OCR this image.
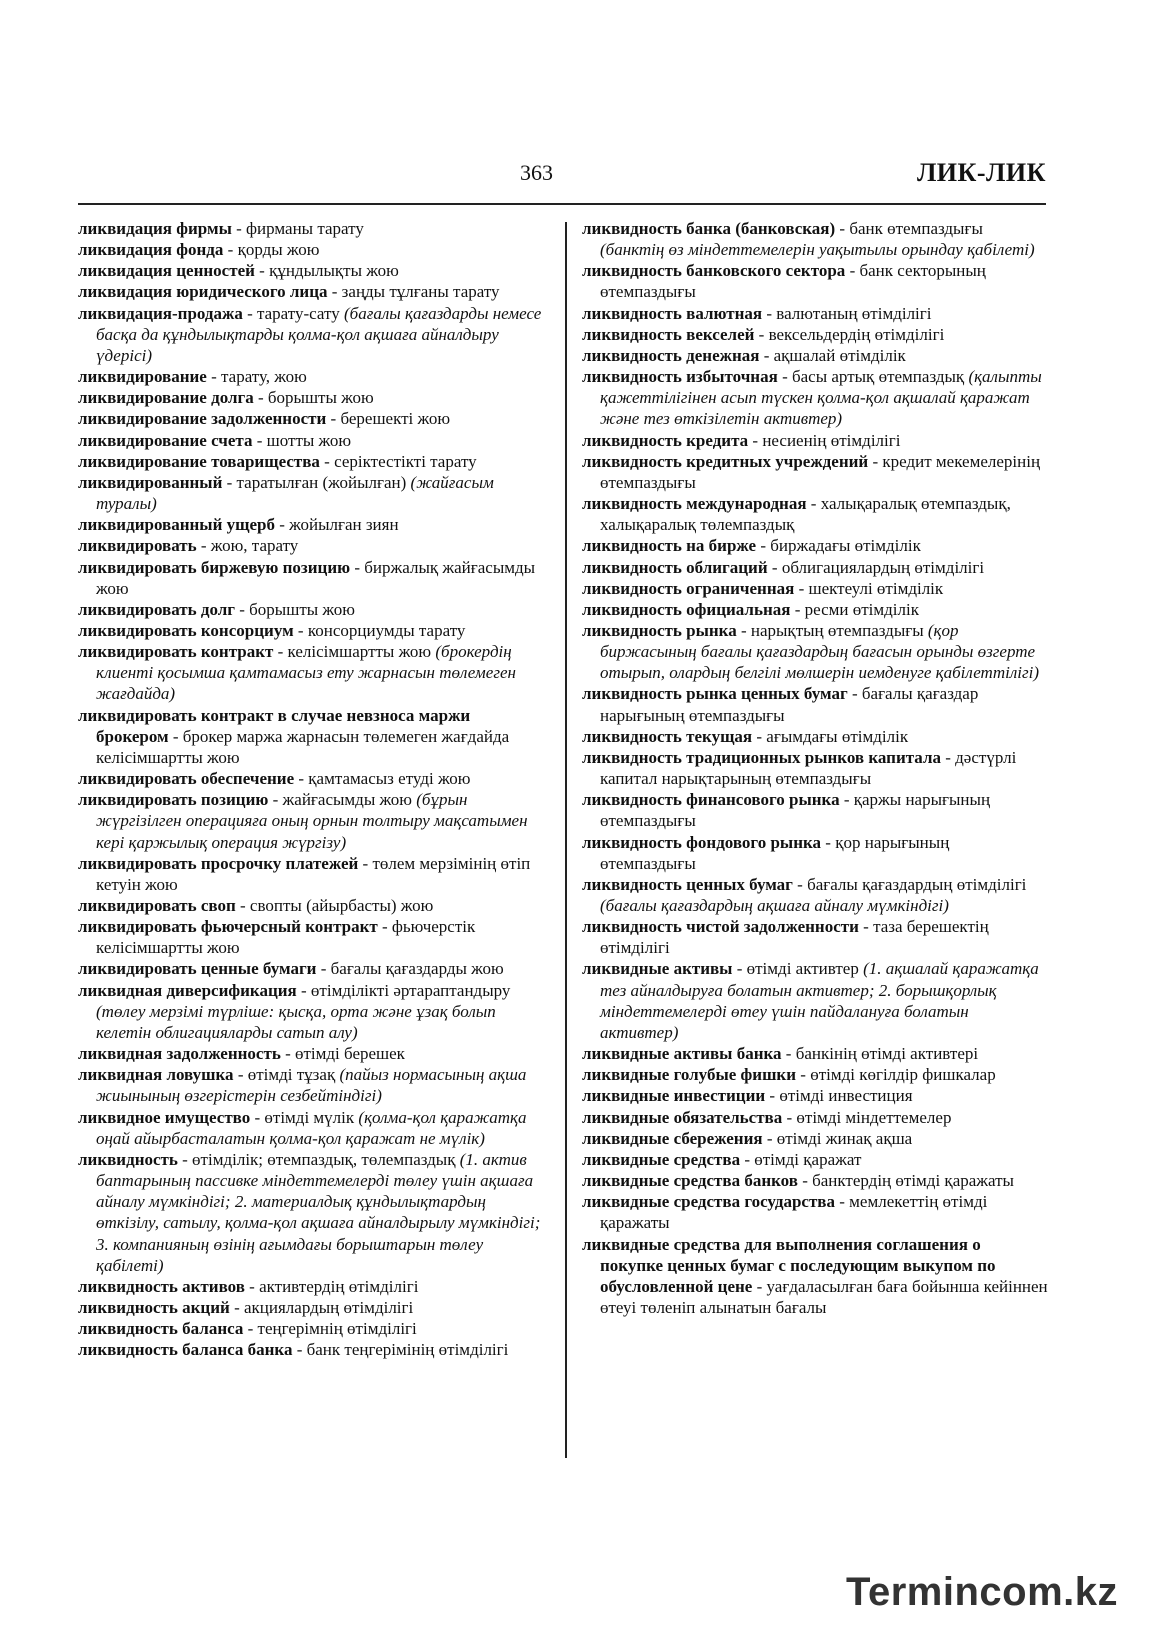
363	ЛИК-ЛИК

ликвидация фирмы - фирманы тарату

ликвидация фонда - қорды жою

ликвидация ценностей - құндылықты жою

ликвидация юридического лица - заңды тұлғаны тарату

ликвидация-продажа - тарату-сату (бағалы қағаздарды немесе басқа да құндылықтарды қолма-қол ақшаға айналдыру үдерісі)

ликвидирование - тарату, жою

ликвидирование долга - борышты жою

ликвидирование задолженности - берешекті жою

ликвидирование счета - шотты жою

ликвидирование товарищества - серіктестікті тарату

ликвидированный - таратылған (жойылған) (жайғасым туралы)

ликвидированный ущерб - жойылған зиян

ликвидировать - жою, тарату

ликвидировать биржевую позицию - биржалық жайғасымды жою

ликвидировать долг - борышты жою

ликвидировать консорциум - консорциумды тарату

ликвидировать контракт - келісімшартты жою (брокердің клиенті қосымша қамтамасыз ету жарнасын төлемеген жағдайда)

ликвидировать контракт в случае невзноса маржи брокером - брокер маржа жарнасын төлемеген жағдайда келісімшартты жою

ликвидировать обеспечение - қамтамасыз етуді жою

ликвидировать позицию - жайғасымды жою (бұрын жүргізілген операцияға оның орнын толтыру мақсатымен кері қаржылық операция жүргізу)

ликвидировать просрочку платежей - төлем мерзімінің өтіп кетуін жою

ликвидировать своп - свопты (айырбасты) жою

ликвидировать фьючерсный контракт - фьючерстік келісімшартты жою

ликвидировать ценные бумаги - бағалы қағаздарды жою

ликвидная диверсификация - өтімділікті әртараптандыру (төлеу мерзімі түрліше: қысқа, орта және ұзақ болып келетін облигацияларды сатып алу)

ликвидная задолженность - өтімді берешек

ликвидная ловушка - өтімді тұзақ (пайыз нормасының ақша жиынының өзгерістерін сезбейтіндігі)

ликвидное имущество - өтімді мүлік (қолма-қол қаражатқа оңай айырбасталатын қолма-қол қаражат не мүлік)

ликвидность - өтімділік; өтемпаздық, төлемпаздық (1. актив баптарының пассивке міндеттемелерді төлеу үшін ақшаға айналу мүмкіндігі; 2. материалдық құндылықтардың өткізілу, сатылу, қолма-қол ақшаға айналдырылу мүмкіндігі; 3. компанияның өзінің ағымдағы борыштарын төлеу қабілеті)

ликвидность активов - активтердің өтімділігі

ликвидность акций - акциялардың өтімділігі

ликвидность баланса - теңгерімнің өтімділігі

ликвидность баланса банка - банк теңгерімінің өтімділігі

ликвидность банка (банковская) - банк өтемпаздығы (банктің өз міндеттемелерін уақытылы орындау қабілеті)

ликвидность банковского сектора - банк секторының өтемпаздығы

ликвидность валютная - валютаның өтімділігі

ликвидность векселей - вексельдердің өтімділігі

ликвидность денежная - ақшалай өтімділік

ликвидность избыточная - басы артық өтемпаздық (қалыпты қажеттілігінен асып түскен қолма-қол ақшалай қаражат және тез өткізілетін активтер)

ликвидность кредита - несиенің өтімділігі

ликвидность кредитных учреждений - кредит мекемелерінің өтемпаздығы

ликвидность международная - халықаралық өтемпаздық, халықаралық төлемпаздық

ликвидность на бирже - биржадағы өтімділік

ликвидность облигаций - облигациялардың өтімділігі

ликвидность ограниченная - шектеулі өтімділік

ликвидность официальная - ресми өтімділік

ликвидность рынка - нарықтың өтемпаздығы (қор биржасының бағалы қағаздардың бағасын орынды өзгерте отырып, олардың белгілі мөлшерін иемденуге қабілеттілігі)

ликвидность рынка ценных бумаг - бағалы қағаздар нарығының өтемпаздығы

ликвидность текущая - ағымдағы өтімділік

ликвидность традиционных рынков капитала - дәстүрлі капитал нарықтарының өтемпаздығы

ликвидность финансового рынка - қаржы нарығының өтемпаздығы

ликвидность фондового рынка - қор нарығының өтемпаздығы

ликвидность ценных бумаг - бағалы қағаздардың өтімділігі (бағалы қағаздардың ақшаға айналу мүмкіндігі)

ликвидность чистой задолженности - таза берешектің өтімділігі

ликвидные активы - өтімді активтер (1. ақшалай қаражатқа тез айналдыруға болатын активтер; 2. борышқорлық міндеттемелерді өтеу үшін пайдалануға болатын активтер)

ликвидные активы банка - банкінің өтімді активтері

ликвидные голубые фишки - өтімді көгілдір фишкалар

ликвидные инвестиции - өтімді инвестиция

ликвидные обязательства - өтімді міндеттемелер

ликвидные сбережения - өтімді жинақ ақша

ликвидные средства - өтімді қаражат

ликвидные средства банков - банктердің өтімді қаражаты

ликвидные средства государства - мемлекеттің өтімді қаражаты

ликвидные средства для выполнения соглашения о покупке ценных бумаг с последующим выкупом по обусловленной цене - уағдаласылған баға бойынша кейіннен өтеуі төленіп алынатын бағалы

Termincom.kz
